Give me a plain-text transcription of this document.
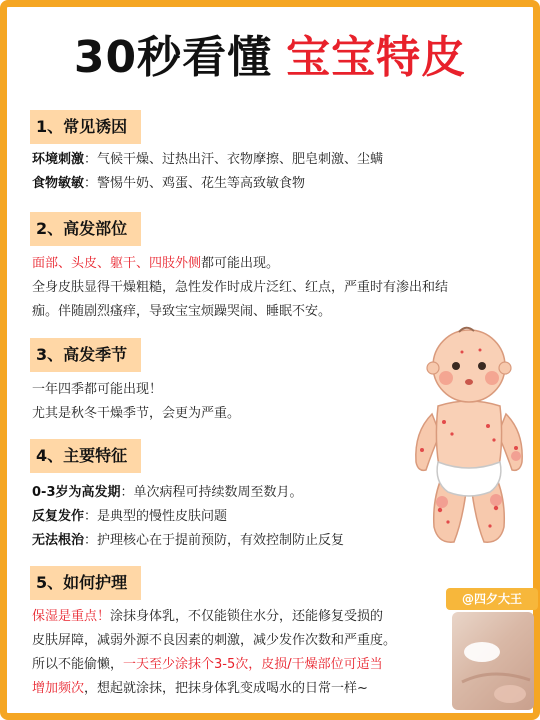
30秒看懂 宝宝特皮
1、常见诱因
环境刺激：气候干燥、过热出汗、衣物摩擦、肥皂刺激、尘螨
食物敏敏：警惕牛奶、鸡蛋、花生等高致敏食物
2、高发部位
面部、头皮、躯干、四肢外侧都可能出现。
全身皮肤显得干燥粗糙，急性发作时成片泛红、红点，严重时有渗出和结
痂。伴随剧烈瘙痒，导致宝宝烦躁哭闹、睡眠不安。
3、高发季节
一年四季都可能出现！
尤其是秋冬干燥季节，会更为严重。
4、主要特征
0-3岁为高发期：单次病程可持续数周至数月。
反复发作：是典型的慢性皮肤问题
无法根治：护理核心在于提前预防，有效控制防止反复
5、如何护理
保湿是重点！涂抹身体乳，不仅能锁住水分，还能修复受损的
皮肤屏障，减弱外源不良因素的刺激，减少发作次数和严重度。
所以不能偷懒，一天至少涂抹个3-5次，皮损/干燥部位可适当
增加频次，想起就涂抹，把抹身体乳变成喝水的日常一样~
@四夕大王
